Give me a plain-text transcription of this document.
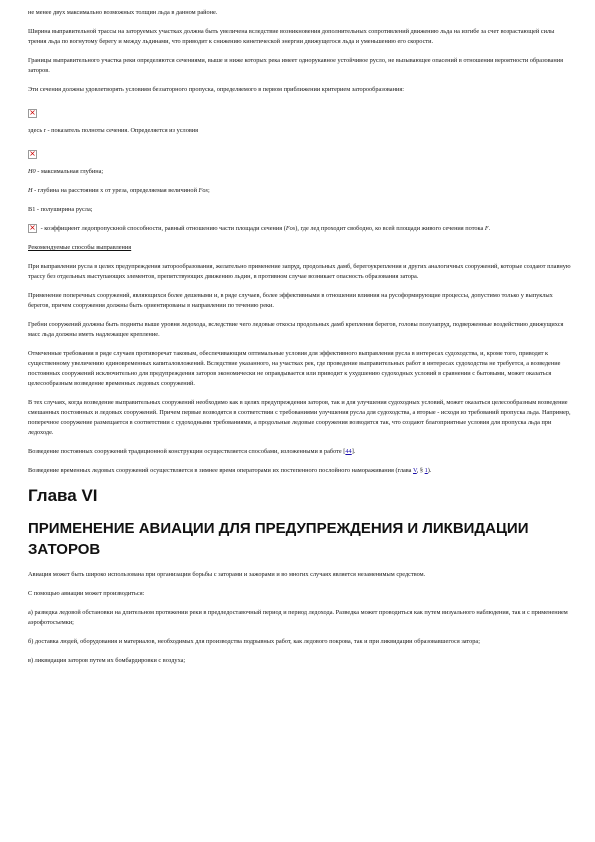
не менее двух максимально возможных толщин льда в данном районе.

Ширина выправительной трассы на заторуемых участках должна быть увеличена вследствие возникновения дополнительных сопротивлений движению льда на изгибе за счет возрастающей силы трения льда по вогнутому берегу и между льдинами, что приводит к снижению кинетической энергии движущегося льда и уменьшению его скорости.

Границы выправительного участка реки определяются сечениями, выше и ниже которых река имеет однорукавное устойчивое русло, не вызывающее опасений в отношении вероятности образования заторов.

Эти сечения должны удовлетворять условиям беззаторного пропуска, определяемого в первом приближении критерием заторообразования:

×

здесь r - показатель полноты сечения. Определяется из условия

×

H0 - максимальная глубина;

H - глубина на расстоянии x от уреза, определяемая величиной Fos;

B1 - полуширина русла;

× - коэффициент ледопропускной способности, равный отношению части площади сечения (Fos), где лед проходит свободно, ко всей площади живого сечения потока F.

Рекомендуемые способы выправления

При выправлении русла в целях предупреждения заторообразования, желательно применение запруд, продольных дамб, берегоукрепления и других аналогичных сооружений, которые создают плавную трассу без отдельных выступающих элементов, препятствующих движению льдин, в противном случае возникает опасность образования затора.

Применение поперечных сооружений, являющихся более дешевыми и, в ряде случаев, более эффективными в отношении влияния на русоформирующие процессы, допустимо только у выпуклых берегов, причем сооружения должны быть ориентированы в направлении по течению реки.

Гребни сооружений должны быть подняты выше уровня ледохода, вследствие чего ледовые откосы продольных дамб крепления берегов, головы полузапруд, подверженные воздействию движущихся масс льда должны иметь надлежащее крепление.

Отмеченные требования в ряде случаев противоречат таковым, обеспечивающим оптимальные условия для эффективного выправления русла в интересах судоходства, и, кроме того, приводят к существенному увеличению единовременных капиталовложений. Вследствие указанного, на участках рек, где проведение выправительных работ в интересах судоходства не требуется, а возведение постоянных сооружений исключительно для предупреждения заторов экономически не оправдывается или приводит к ухудшению судоходных условий в сравнении с бытовыми, может оказаться целесообразным возведение временных ледовых сооружений.

В тех случаях, когда возведение выправительных сооружений необходимо как в целях предупреждения заторов, так и для улучшения судоходных условий, может оказаться целесообразным возведение смешанных постоянных и ледовых сооружений. Причем первые возводятся в соответствии с требованиями улучшения русла для судоходства, а вторые - исходя из требований пропуска льда. Например, поперечное сооружение размещается в соответствии с судоходными требованиями, а продольные ледовые сооружения возводятся так, что создают благоприятные условия для пропуска льда при ледоходе.

Возведение постоянных сооружений традиционной конструкции осуществляется способами, изложенными в работе [44].

Возведение временных ледовых сооружений осуществляется в зимнее время операторами их постепенного послойного намораживания (глава V, § 1).

Глава VI
ПРИМЕНЕНИЕ АВИАЦИИ ДЛЯ ПРЕДУПРЕЖДЕНИЯ И ЛИКВИДАЦИИ ЗАТОРОВ

Авиация может быть широко использована при организации борьбы с заторами и зажорами и во многих случаях является незаменимым средством.

С помощью авиации может производиться:

а) разведка ледовой обстановки на длительном протяжении реки в предледоставочный период и период ледохода. Разведка может проводиться как путем визуального наблюдения, так и с применением аэрофотосъемки;

б) доставка людей, оборудования и материалов, необходимых для производства подрывных работ, как ледового покрова, так и при ликвидации образовавшегося затора;

в) ликвидация заторов путем их бомбардировки с воздуха;
